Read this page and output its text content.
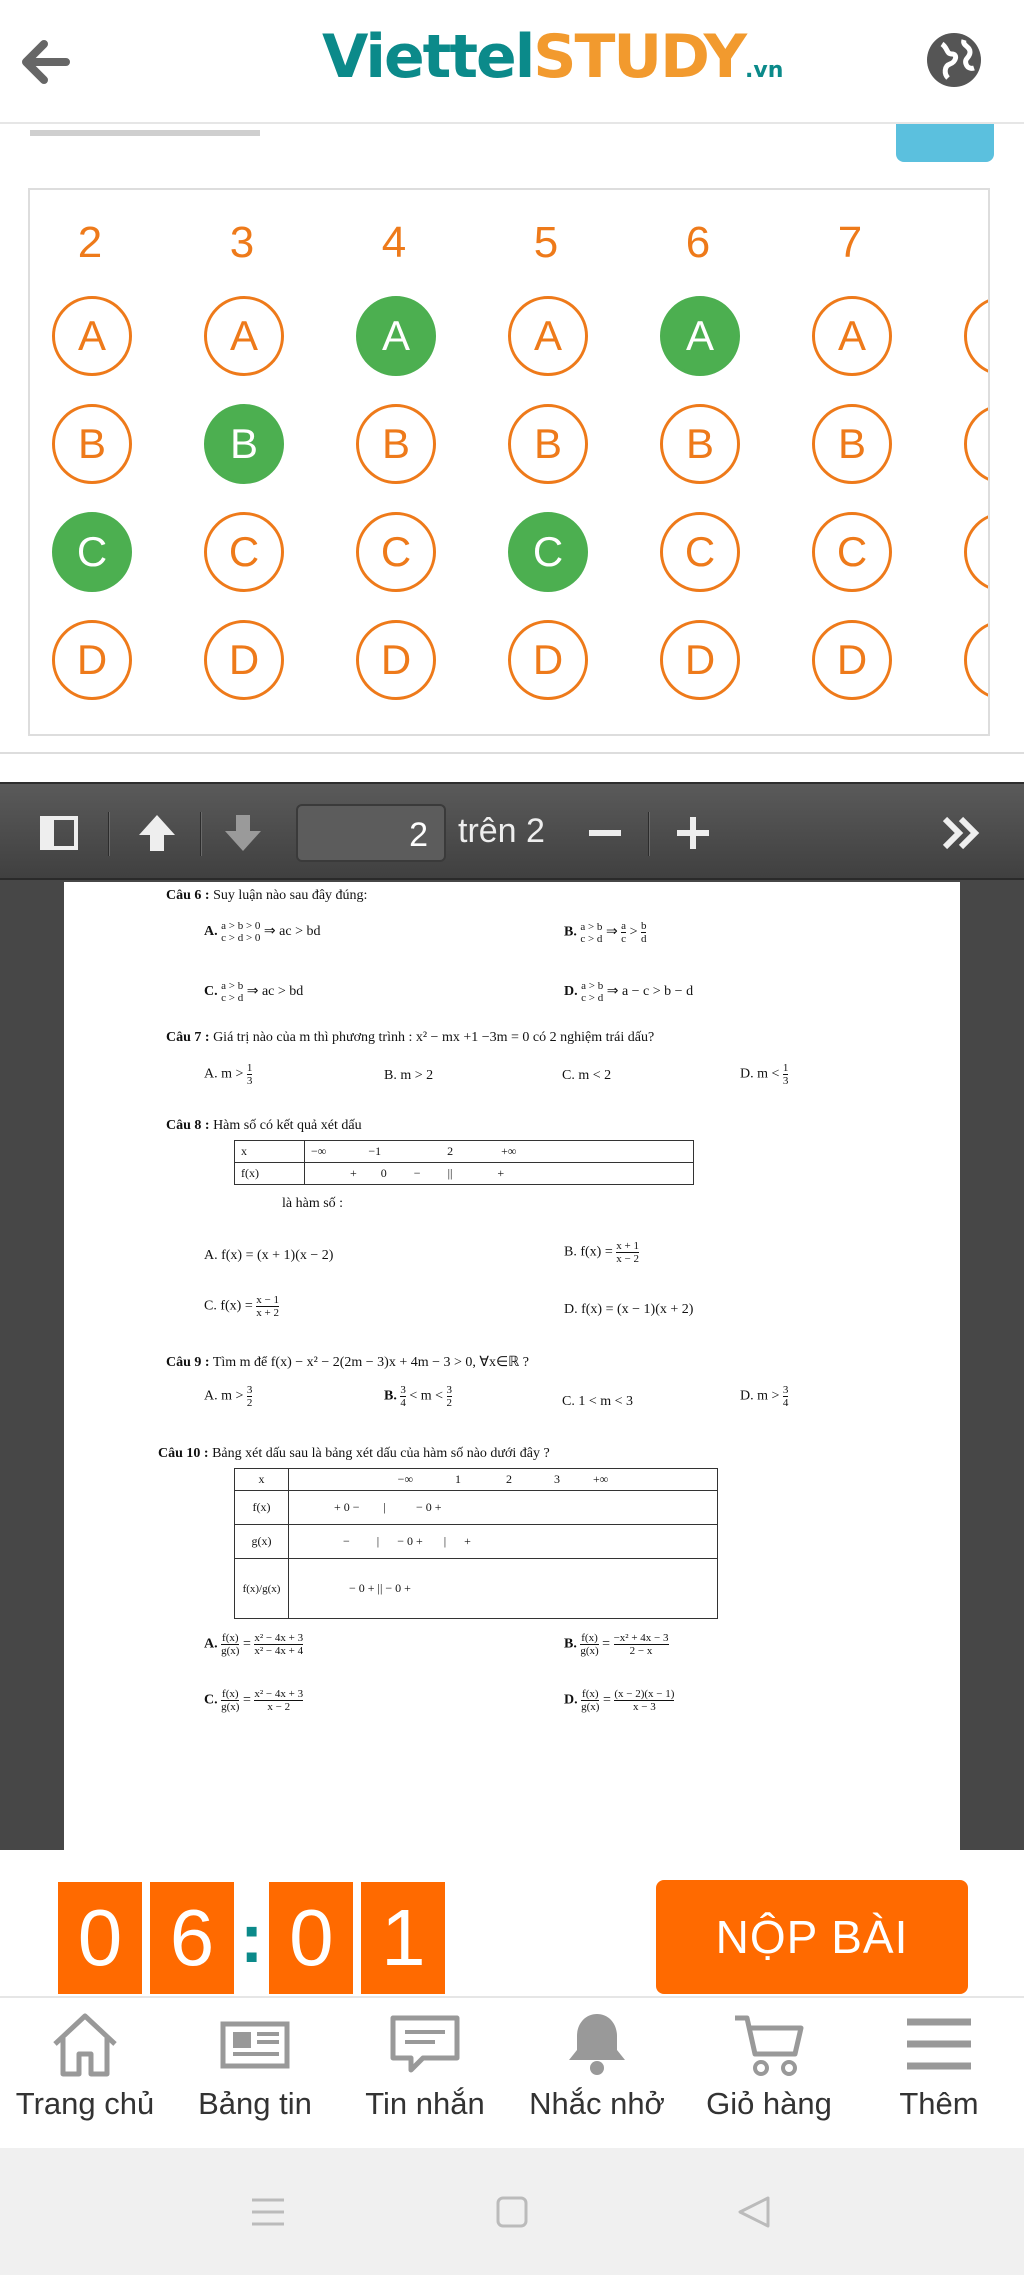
ViettelSTUDY.vn
2
A
B
C
D
3
A
B
C
D
4
A
B
C
D
5
A
B
C
D
6
A
B
C
D
7
A
B
C
D
2 trên 2
Câu 6 : Suy luận nào sau đây đúng:
A. a > b > 0
c > d > 0 ⇒ ac > bd	B. a > b
c > d ⇒ $\frac{a}{c} > \frac{b}{d}$
C. a > b
c > d ⇒ ac > bd	D. a > b
c > d ⇒ a − c > b − d
Câu 7 : Giá trị nào của m thì phương trình : x² − mx +1 −3m = 0 có 2 nghiệm trái dấu?
A. $m > \frac{1}{3}$	B. m > 2	C. m < 2	D. $m < \frac{1}{3}$
Câu 8 : Hàm số có kết quả xét dấu
x	−∞ −1 2 +∞
f(x)	+ 0 − || +
là hàm số :
A. f(x) = (x + 1)(x − 2)	B. $f(x) = \frac{x + 1}{x - 2}$
C. $f(x) = \frac{x - 1}{x + 2}$	D. f(x) = (x − 1)(x + 2)
Câu 9 : Tìm m để f(x) − x² − 2(2m − 3)x + 4m − 3 > 0, ∀x∈ℝ ?
A. $m > \frac{3}{2}$	B. $\frac{3}{4} < m < \frac{3}{2}$	C. 1 < m < 3	D. $m > \frac{3}{4}$
Câu 10 : Bảng xét dấu sau là bảng xét dấu của hàm số nào dưới đây ?
x	−∞ 1 2 3 +∞
f(x)	+ 0 − | − 0 +
g(x)	− | − 0 + | +
f(x)/g(x)	− 0 + || − 0 +
A. $\frac{f(x)}{g(x)} = \frac{\text{x² − 4x + 3}}{\text{x² − 4x + 4}}$	B. $\frac{f(x)}{g(x)} = \frac{\text{−x² + 4x − 3}}{2 - x}$
C. $\frac{f(x)}{g(x)} = \frac{\text{x² − 4x + 3}}{x - 2}$	D. $\frac{f(x)}{g(x)} = \frac{(x - 2)(x - 1)}{x - 3}$
0 6 : 0 1	NỘP BÀI
Trang chủ	Bảng tin	Tin nhắn	Nhắc nhở	Giỏ hàng	Thêm
